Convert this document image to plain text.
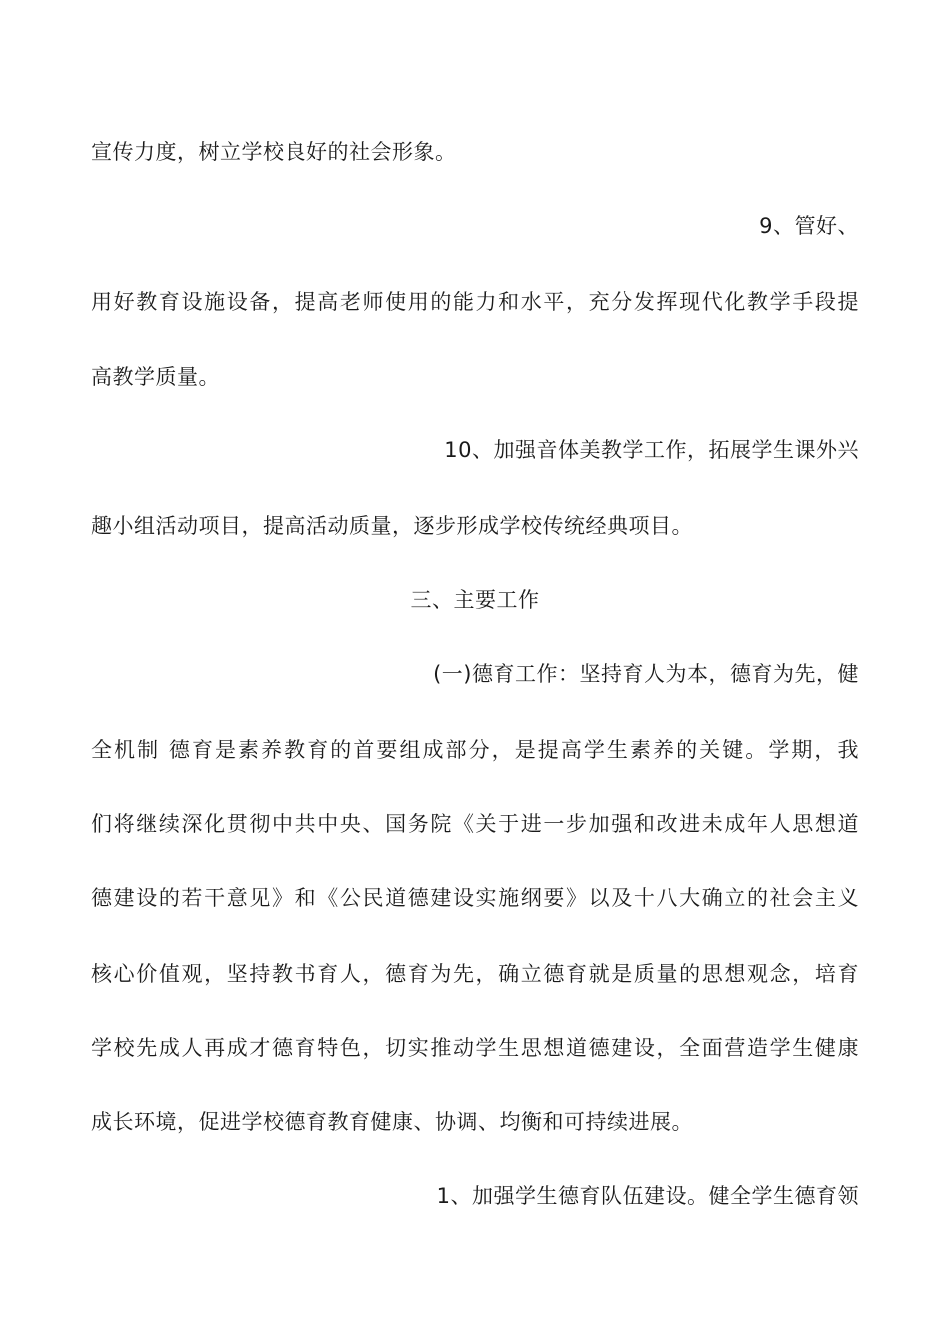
宣传力度，树立学校良好的社会形象。
9、管好、
用好教育设施设备，提高老师使用的能力和水平，充分发挥现代化教学手段提
高教学质量。
10、加强音体美教学工作，拓展学生课外兴
趣小组活动项目，提高活动质量，逐步形成学校传统经典项目。
三、主要工作
(一)德育工作：坚持育人为本，德育为先，健
全机制 德育是素养教育的首要组成部分，是提高学生素养的关键。学期，我
们将继续深化贯彻中共中央、国务院《关于进一步加强和改进未成年人思想道
德建设的若干意见》和《公民道德建设实施纲要》以及十八大确立的社会主义
核心价值观，坚持教书育人，德育为先，确立德育就是质量的思想观念，培育
学校先成人再成才德育特色，切实推动学生思想道德建设，全面营造学生健康
成长环境，促进学校德育教育健康、协调、均衡和可持续进展。
1、加强学生德育队伍建设。健全学生德育领
